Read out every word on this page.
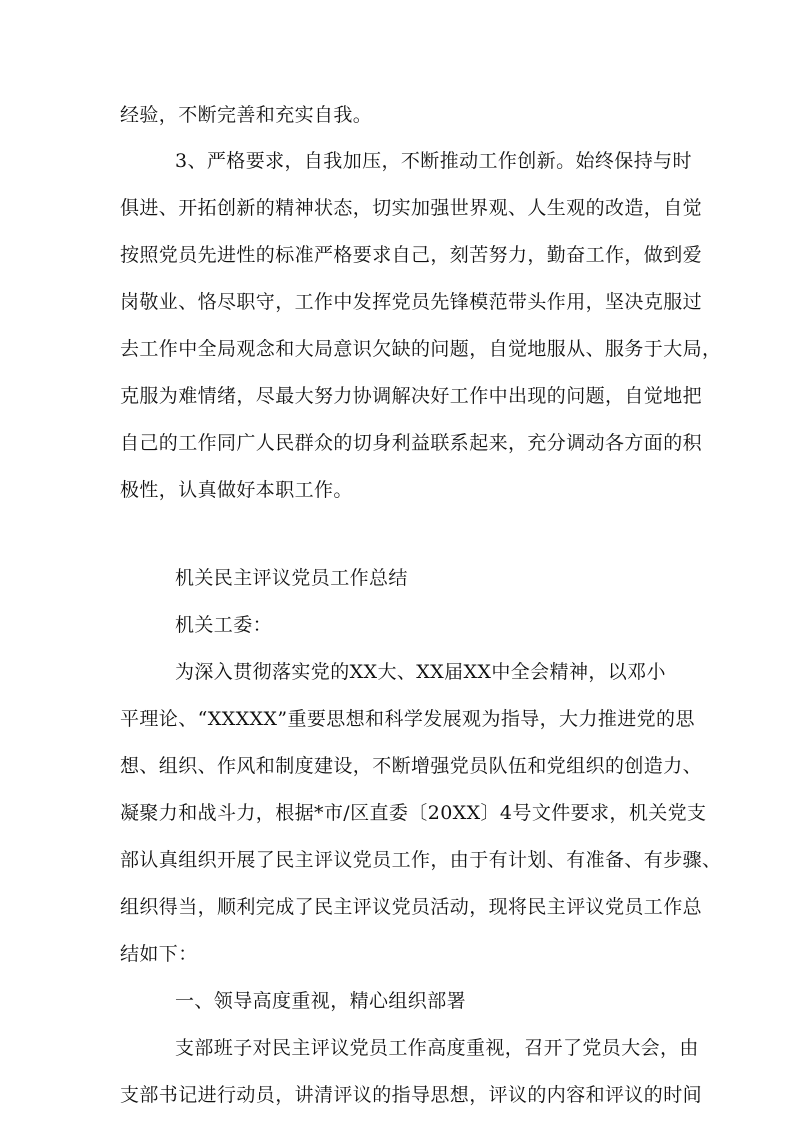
经验，不断完善和充实自我。
3、严格要求，自我加压，不断推动工作创新。始终保持与时
俱进、开拓创新的精神状态，切实加强世界观、人生观的改造，自觉
按照党员先进性的标准严格要求自己，刻苦努力，勤奋工作，做到爱
岗敬业、恪尽职守，工作中发挥党员先锋模范带头作用，坚决克服过
去工作中全局观念和大局意识欠缺的问题，自觉地服从、服务于大局，
克服为难情绪，尽最大努力协调解决好工作中出现的问题，自觉地把
自己的工作同广人民群众的切身利益联系起来，充分调动各方面的积
极性，认真做好本职工作。
机关民主评议党员工作总结
机关工委：
为深入贯彻落实党的XX大、XX届XX中全会精神，以邓小
平理论、“XXXXX”重要思想和科学发展观为指导，大力推进党的思
想、组织、作风和制度建设，不断增强党员队伍和党组织的创造力、
凝聚力和战斗力，根据*市/区直委〔20XX〕4号文件要求，机关党支
部认真组织开展了民主评议党员工作，由于有计划、有准备、有步骤、
组织得当，顺利完成了民主评议党员活动，现将民主评议党员工作总
结如下：
一、领导高度重视，精心组织部署
支部班子对民主评议党员工作高度重视，召开了党员大会，由
支部书记进行动员，讲清评议的指导思想，评议的内容和评议的时间
